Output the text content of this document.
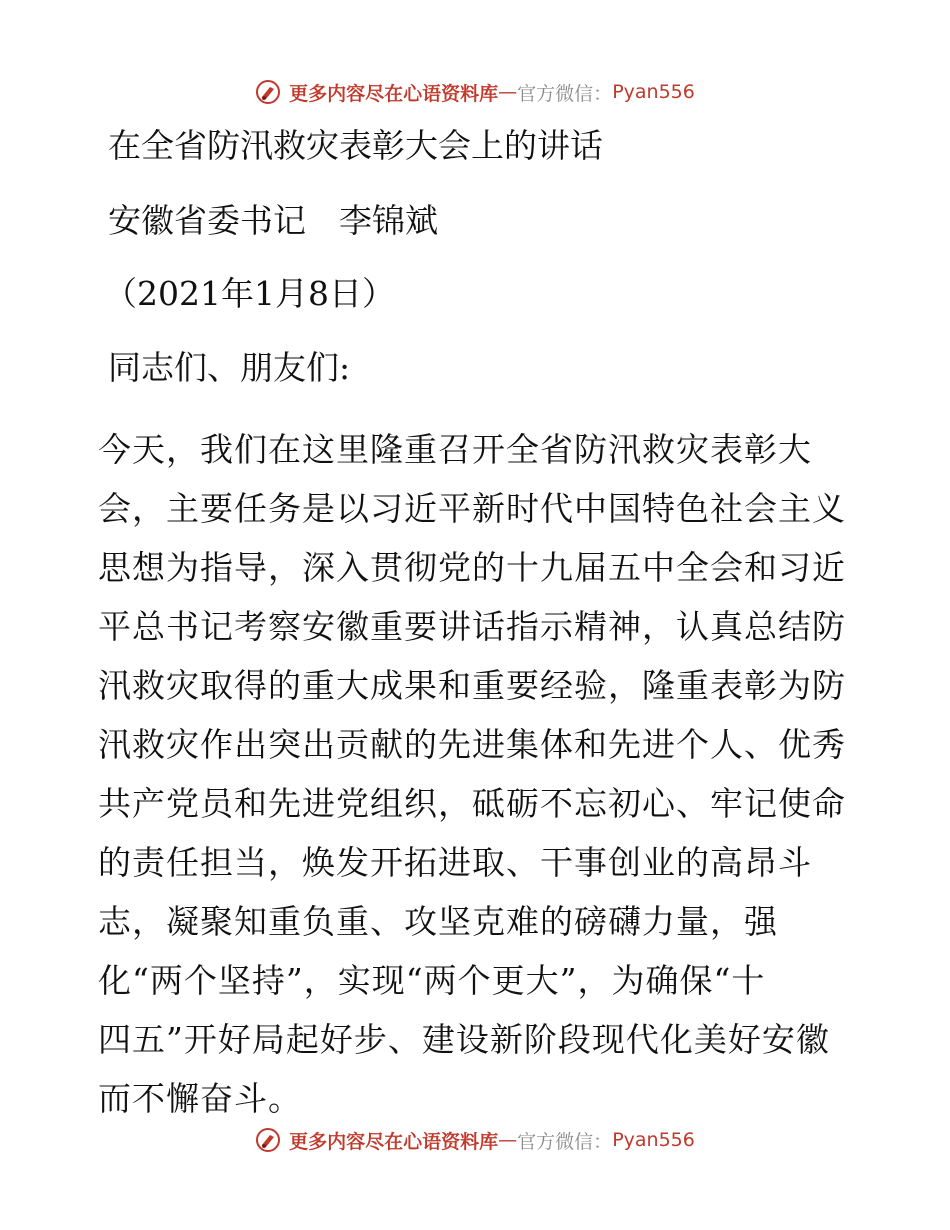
更多内容尽在心语资料库 — 官方微信： Pyan556
在全省防汛救灾表彰大会上的讲话
安徽省委书记　李锦斌
（2021年1月8日）
同志们、朋友们:
今天，我们在这里隆重召开全省防汛救灾表彰大
会，主要任务是以习近平新时代中国特色社会主义
思想为指导，深入贯彻党的十九届五中全会和习近
平总书记考察安徽重要讲话指示精神，认真总结防
汛救灾取得的重大成果和重要经验，隆重表彰为防
汛救灾作出突出贡献的先进集体和先进个人、优秀
共产党员和先进党组织，砥砺不忘初心、牢记使命
的责任担当，焕发开拓进取、干事创业的高昂斗
志，凝聚知重负重、攻坚克难的磅礴力量，强
化“两个坚持”，实现“两个更大”，为确保“十
四五”开好局起好步、建设新阶段现代化美好安徽
而不懈奋斗。
更多内容尽在心语资料库 — 官方微信： Pyan556
